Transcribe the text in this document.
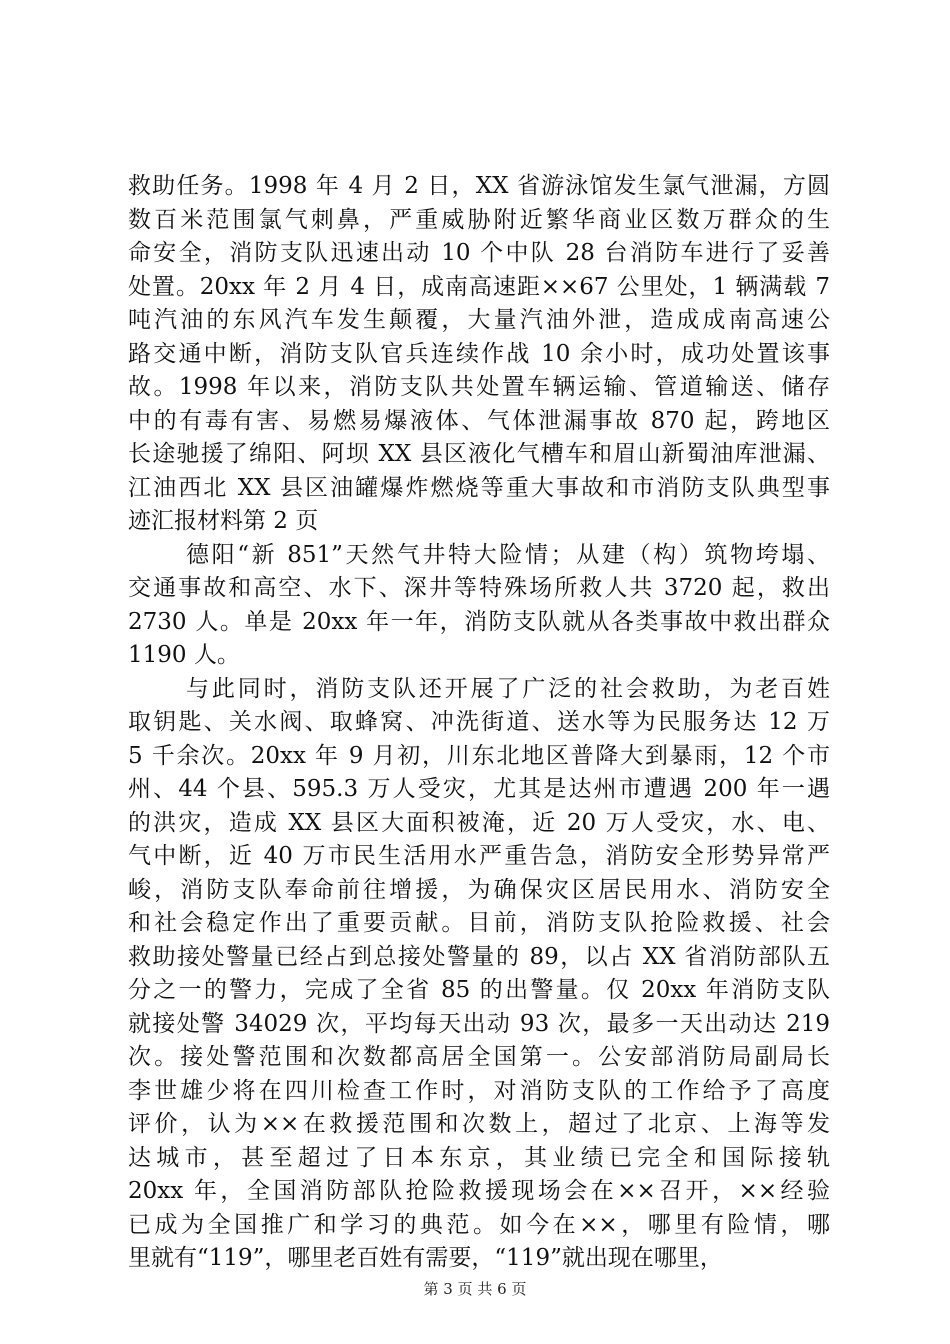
救助任务。1998 年 4 月 2 日，XX 省游泳馆发生氯气泄漏，方圆
数百米范围氯气刺鼻，严重威胁附近繁华商业区数万群众的生
命安全，消防支队迅速出动 10 个中队 28 台消防车进行了妥善
处置。20xx 年 2 月 4 日，成南高速距××67 公里处，1 辆满载 7
吨汽油的东风汽车发生颠覆，大量汽油外泄，造成成南高速公
路交通中断，消防支队官兵连续作战 10 余小时，成功处置该事
故。1998 年以来，消防支队共处置车辆运输、管道输送、储存
中的有毒有害、易燃易爆液体、气体泄漏事故 870 起，跨地区
长途驰援了绵阳、阿坝 XX 县区液化气槽车和眉山新蜀油库泄漏、
江油西北 XX 县区油罐爆炸燃烧等重大事故和市消防支队典型事
迹汇报材料第 2 页
德阳“新 851”天然气井特大险情；从建（构）筑物垮塌、
交通事故和高空、水下、深井等特殊场所救人共 3720 起，救出
2730 人。单是 20xx 年一年，消防支队就从各类事故中救出群众
1190 人。
与此同时，消防支队还开展了广泛的社会救助，为老百姓
取钥匙、关水阀、取蜂窝、冲洗街道、送水等为民服务达 12 万
5 千余次。20xx 年 9 月初，川东北地区普降大到暴雨，12 个市
州、44 个县、595.3 万人受灾，尤其是达州市遭遇 200 年一遇
的洪灾，造成 XX 县区大面积被淹，近 20 万人受灾，水、电、
气中断，近 40 万市民生活用水严重告急，消防安全形势异常严
峻，消防支队奉命前往增援，为确保灾区居民用水、消防安全
和社会稳定作出了重要贡献。目前，消防支队抢险救援、社会
救助接处警量已经占到总接处警量的 89，以占 XX 省消防部队五
分之一的警力，完成了全省 85 的出警量。仅 20xx 年消防支队
就接处警 34029 次，平均每天出动 93 次，最多一天出动达 219
次。接处警范围和次数都高居全国第一。公安部消防局副局长
李世雄少将在四川检查工作时，对消防支队的工作给予了高度
评价，认为××在救援范围和次数上，超过了北京、上海等发
达城市，甚至超过了日本东京，其业绩已完全和国际接轨
20xx 年，全国消防部队抢险救援现场会在××召开，××经验
已成为全国推广和学习的典范。如今在××，哪里有险情，哪
里就有“119”，哪里老百姓有需要，“119”就出现在哪里，
第 3 页 共 6 页
